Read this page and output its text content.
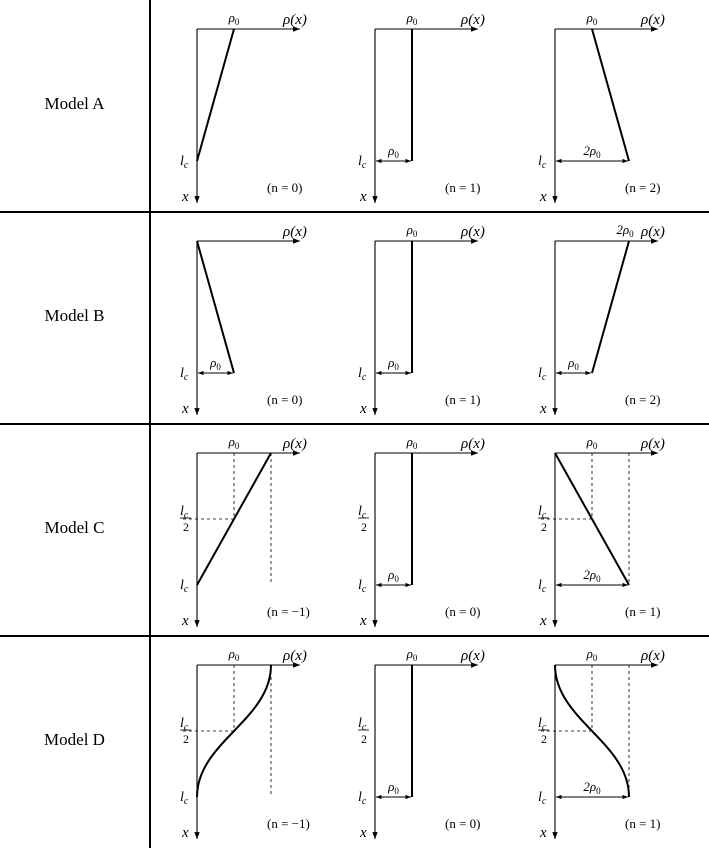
Model A
Model B
Model C
Model D
ρ(x)
x
$l_c$
$\rho_0$
(n = 0)
ρ(x)
x
$l_c$
$\rho_0$
$\rho_0$
(n = 1)
ρ(x)
x
$l_c$
$2\rho_0$
$\rho_0$
(n = 2)
ρ(x)
x
$l_c$
$\rho_0$
(n = 0)
ρ(x)
x
$l_c$
$\rho_0$
$\rho_0$
(n = 1)
ρ(x)
x
$l_c$
$\rho_0$
$2\rho_0$
(n = 2)
ρ(x)
x
$l_c$
$l_c$
2
$\rho_0$
(n = −1)
ρ(x)
x
$l_c$
$l_c$
2
$\rho_0$
$\rho_0$
(n = 0)
ρ(x)
x
$l_c$
$l_c$
2
$2\rho_0$
$\rho_0$
(n = 1)
ρ(x)
x
$l_c$
$l_c$
2
$\rho_0$
(n = −1)
ρ(x)
x
$l_c$
$l_c$
2
$\rho_0$
$\rho_0$
(n = 0)
ρ(x)
x
$l_c$
$l_c$
2
$2\rho_0$
$\rho_0$
(n = 1)
